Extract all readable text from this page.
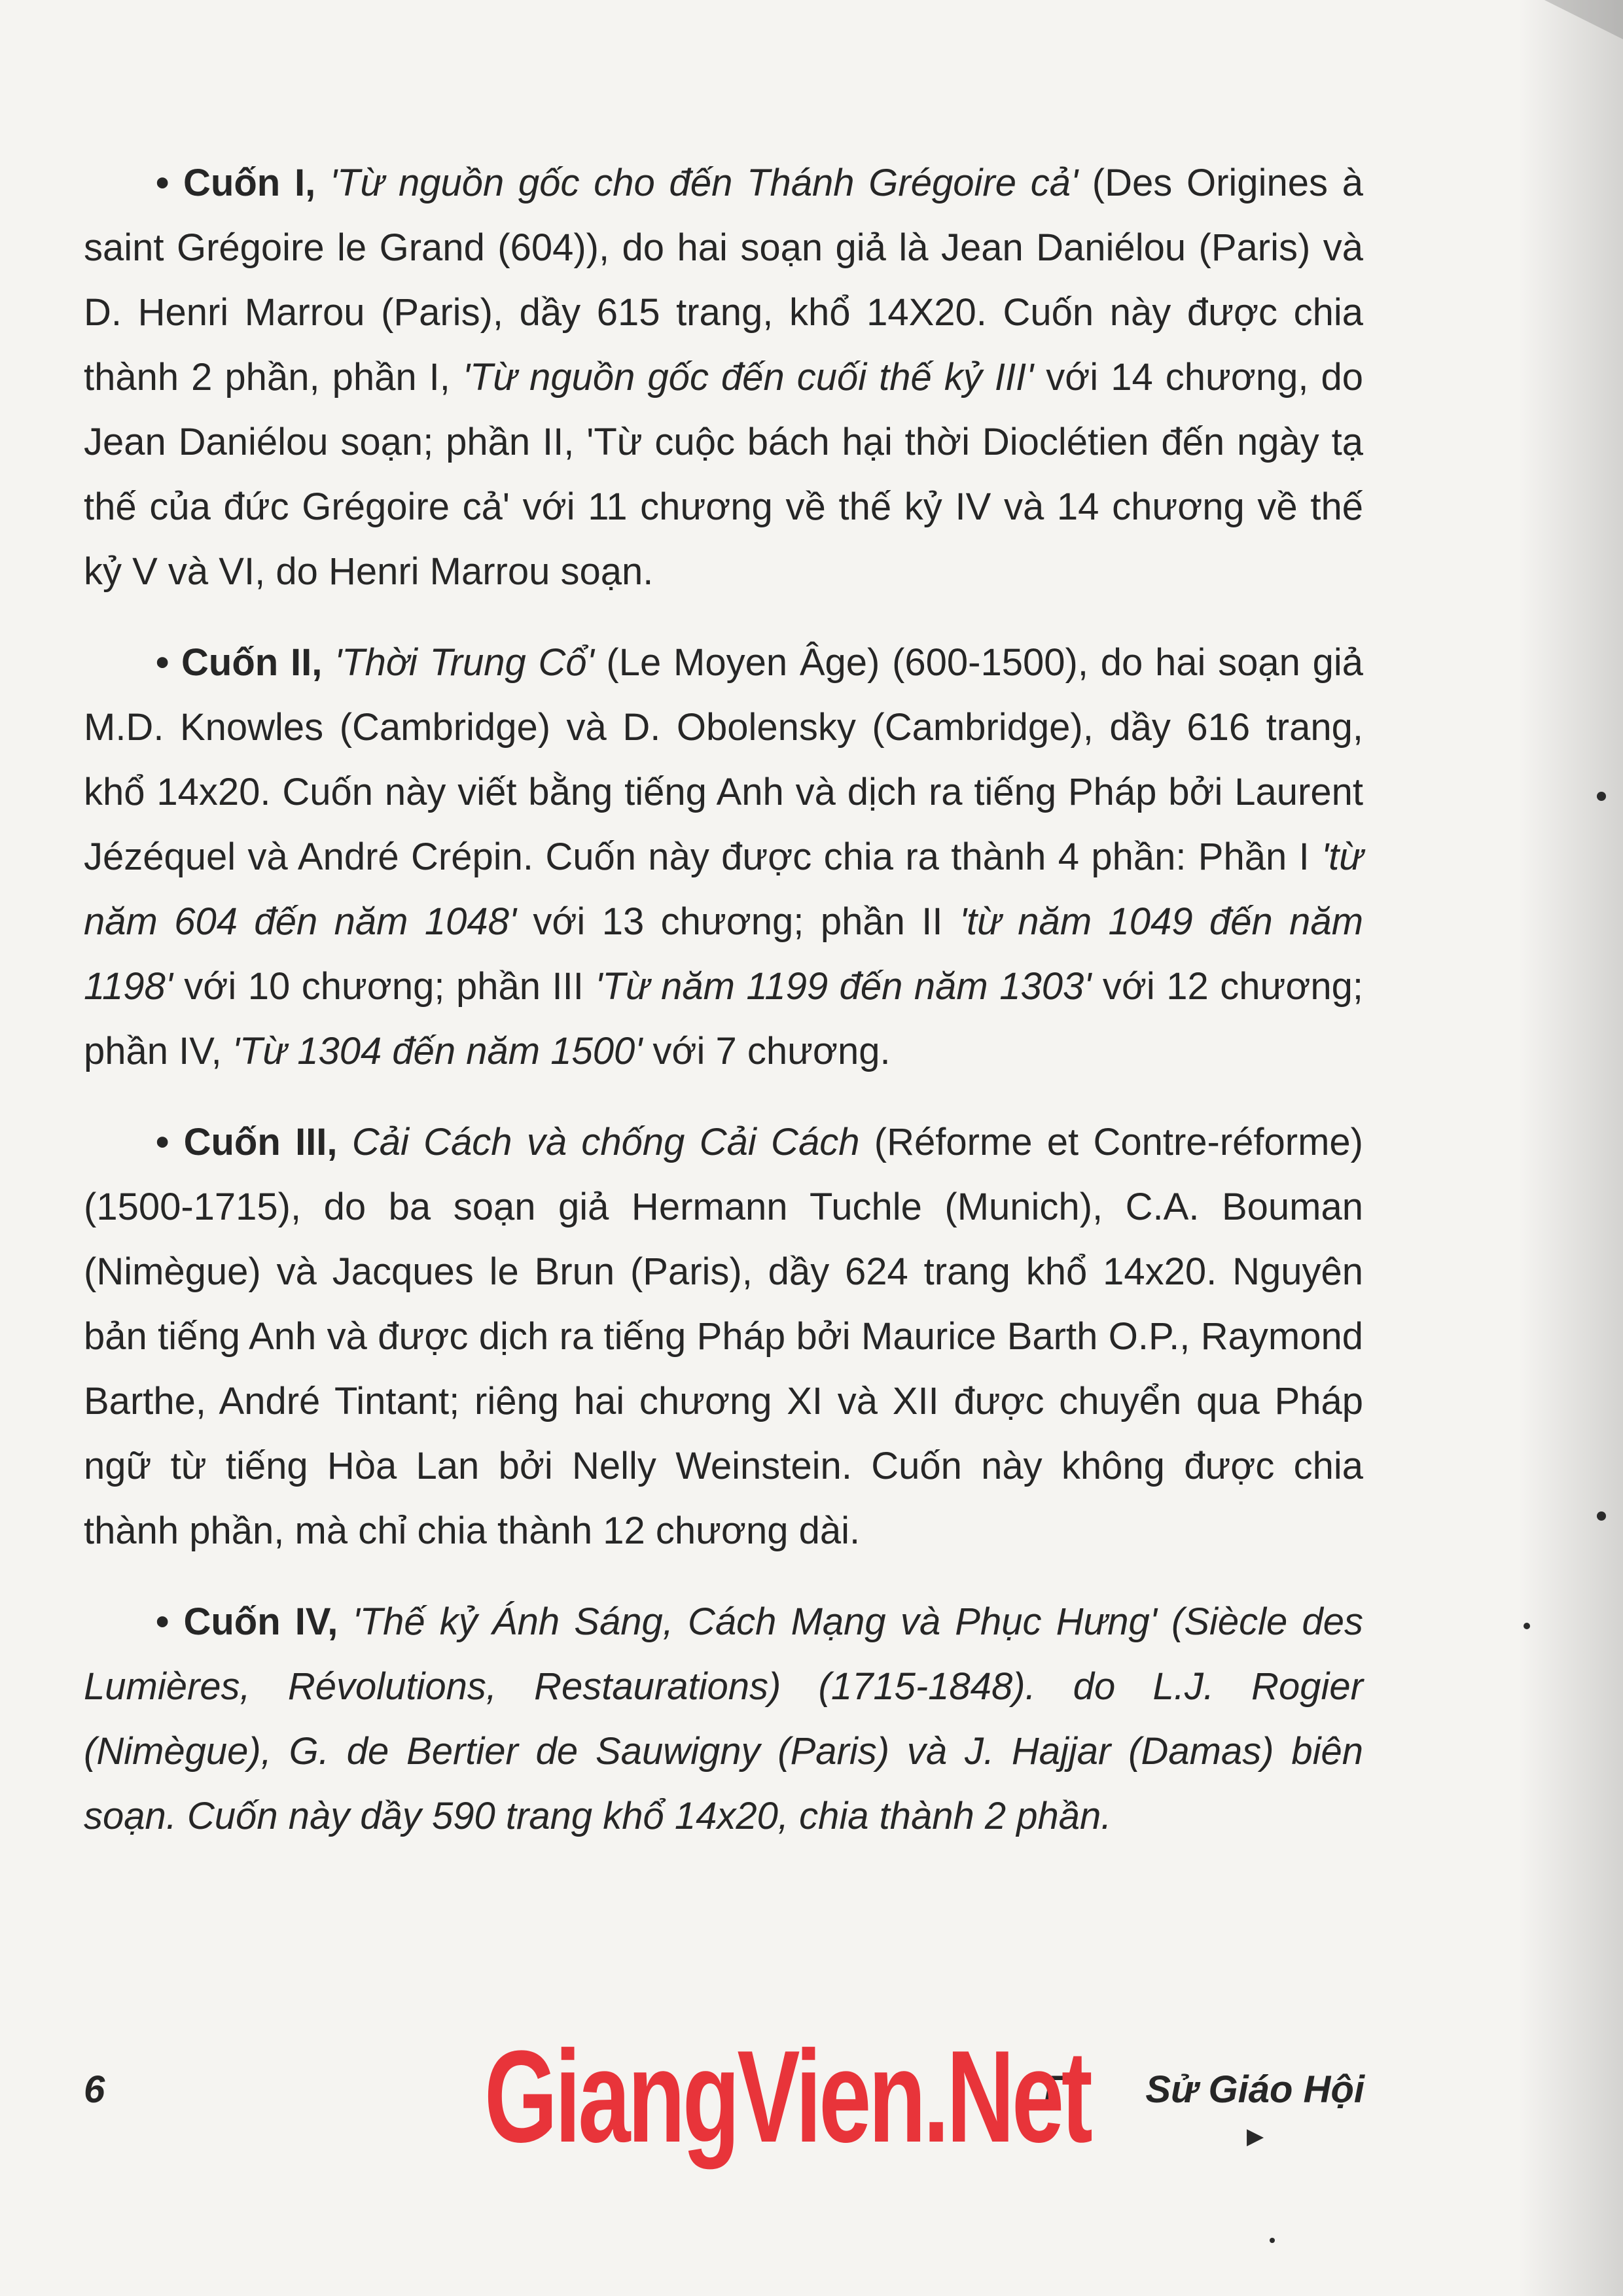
• Cuốn I, 'Từ nguồn gốc cho đến Thánh Grégoire cả' (Des Origines à saint Grégoire le Grand (604)), do hai soạn giả là Jean Daniélou (Paris) và D. Henri Marrou (Paris), dầy 615 trang, khổ 14X20. Cuốn này được chia thành 2 phần, phần I, 'Từ nguồn gốc đến cuối thế kỷ III' với 14 chương, do Jean Daniélou soạn; phần II, 'Từ cuộc bách hại thời Dioclétien đến ngày tạ thế của đức Grégoire cả' với 11 chương về thế kỷ IV và 14 chương về thế kỷ V và VI, do Henri Marrou soạn.

• Cuốn II, 'Thời Trung Cổ' (Le Moyen Âge) (600-1500), do hai soạn giả M.D. Knowles (Cambridge) và D. Obolensky (Cambridge), dầy 616 trang, khổ 14x20. Cuốn này viết bằng tiếng Anh và dịch ra tiếng Pháp bởi Laurent Jézéquel và André Crépin. Cuốn này được chia ra thành 4 phần: Phần I 'từ năm 604 đến năm 1048' với 13 chương; phần II 'từ năm 1049 đến năm 1198' với 10 chương; phần III 'Từ năm 1199 đến năm 1303' với 12 chương; phần IV, 'Từ 1304 đến năm 1500' với 7 chương.

• Cuốn III, Cải Cách và chống Cải Cách (Réforme et Contre-réforme) (1500-1715), do ba soạn giả Hermann Tuchle (Munich), C.A. Bouman (Nimègue) và Jacques le Brun (Paris), dầy 624 trang khổ 14x20. Nguyên bản tiếng Anh và được dịch ra tiếng Pháp bởi Maurice Barth O.P., Raymond Barthe, André Tintant; riêng hai chương XI và XII được chuyển qua Pháp ngữ từ tiếng Hòa Lan bởi Nelly Weinstein. Cuốn này không được chia thành phần, mà chỉ chia thành 12 chương dài.

• Cuốn IV, 'Thế kỷ Ánh Sáng, Cách Mạng và Phục Hưng' (Siècle des Lumières, Révolutions, Restaurations) (1715-1848). do L.J. Rogier (Nimègue), G. de Bertier de Sauwigny (Paris) và J. Hajjar (Damas) biên soạn. Cuốn này dầy 590 trang khổ 14x20, chia thành 2 phần.

6	T        Sử Giáo Hội
GiangVien.Net	▶
